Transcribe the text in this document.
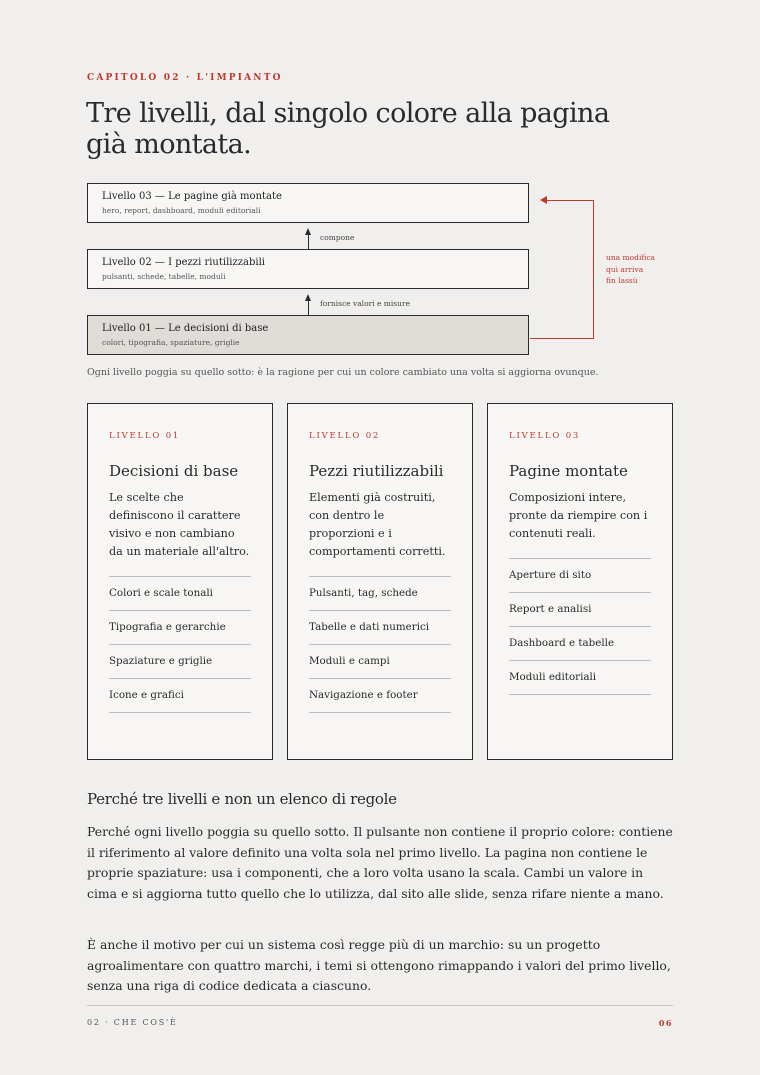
CAPITOLO 02 · L'IMPIANTO
Tre livelli, dal singolo colore alla pagina già montata.
Livello 03 — Le pagine già montate
hero, report, dashboard, moduli editoriali
compone
Livello 02 — I pezzi riutilizzabili
pulsanti, schede, tabelle, moduli
fornisce valori e misure
Livello 01 — Le decisioni di base
colori, tipografia, spaziature, griglie
una modifica
qui arriva
fin lassù
Ogni livello poggia su quello sotto: è la ragione per cui un colore cambiato una volta si aggiorna ovunque.
LIVELLO 01
Decisioni di base
Le scelte che definiscono il carattere visivo e non cambiano da un materiale all'altro.
Colori e scale tonali
Tipografia e gerarchie
Spaziature e griglie
Icone e grafici
LIVELLO 02
Pezzi riutilizzabili
Elementi già costruiti, con dentro le proporzioni e i comportamenti corretti.
Pulsanti, tag, schede
Tabelle e dati numerici
Moduli e campi
Navigazione e footer
LIVELLO 03
Pagine montate
Composizioni intere, pronte da riempire con i contenuti reali.
Aperture di sito
Report e analisi
Dashboard e tabelle
Moduli editoriali
Perché tre livelli e non un elenco di regole

Perché ogni livello poggia su quello sotto. Il pulsante non contiene il proprio colore: contiene il riferimento al valore definito una volta sola nel primo livello. La pagina non contiene le proprie spaziature: usa i componenti, che a loro volta usano la scala. Cambi un valore in cima e si aggiorna tutto quello che lo utilizza, dal sito alle slide, senza rifare niente a mano.

È anche il motivo per cui un sistema così regge più di un marchio: su un progetto agroalimentare con quattro marchi, i temi si ottengono rimappando i valori del primo livello, senza una riga di codice dedicata a ciascuno.

02 · CHE COS'È	06
